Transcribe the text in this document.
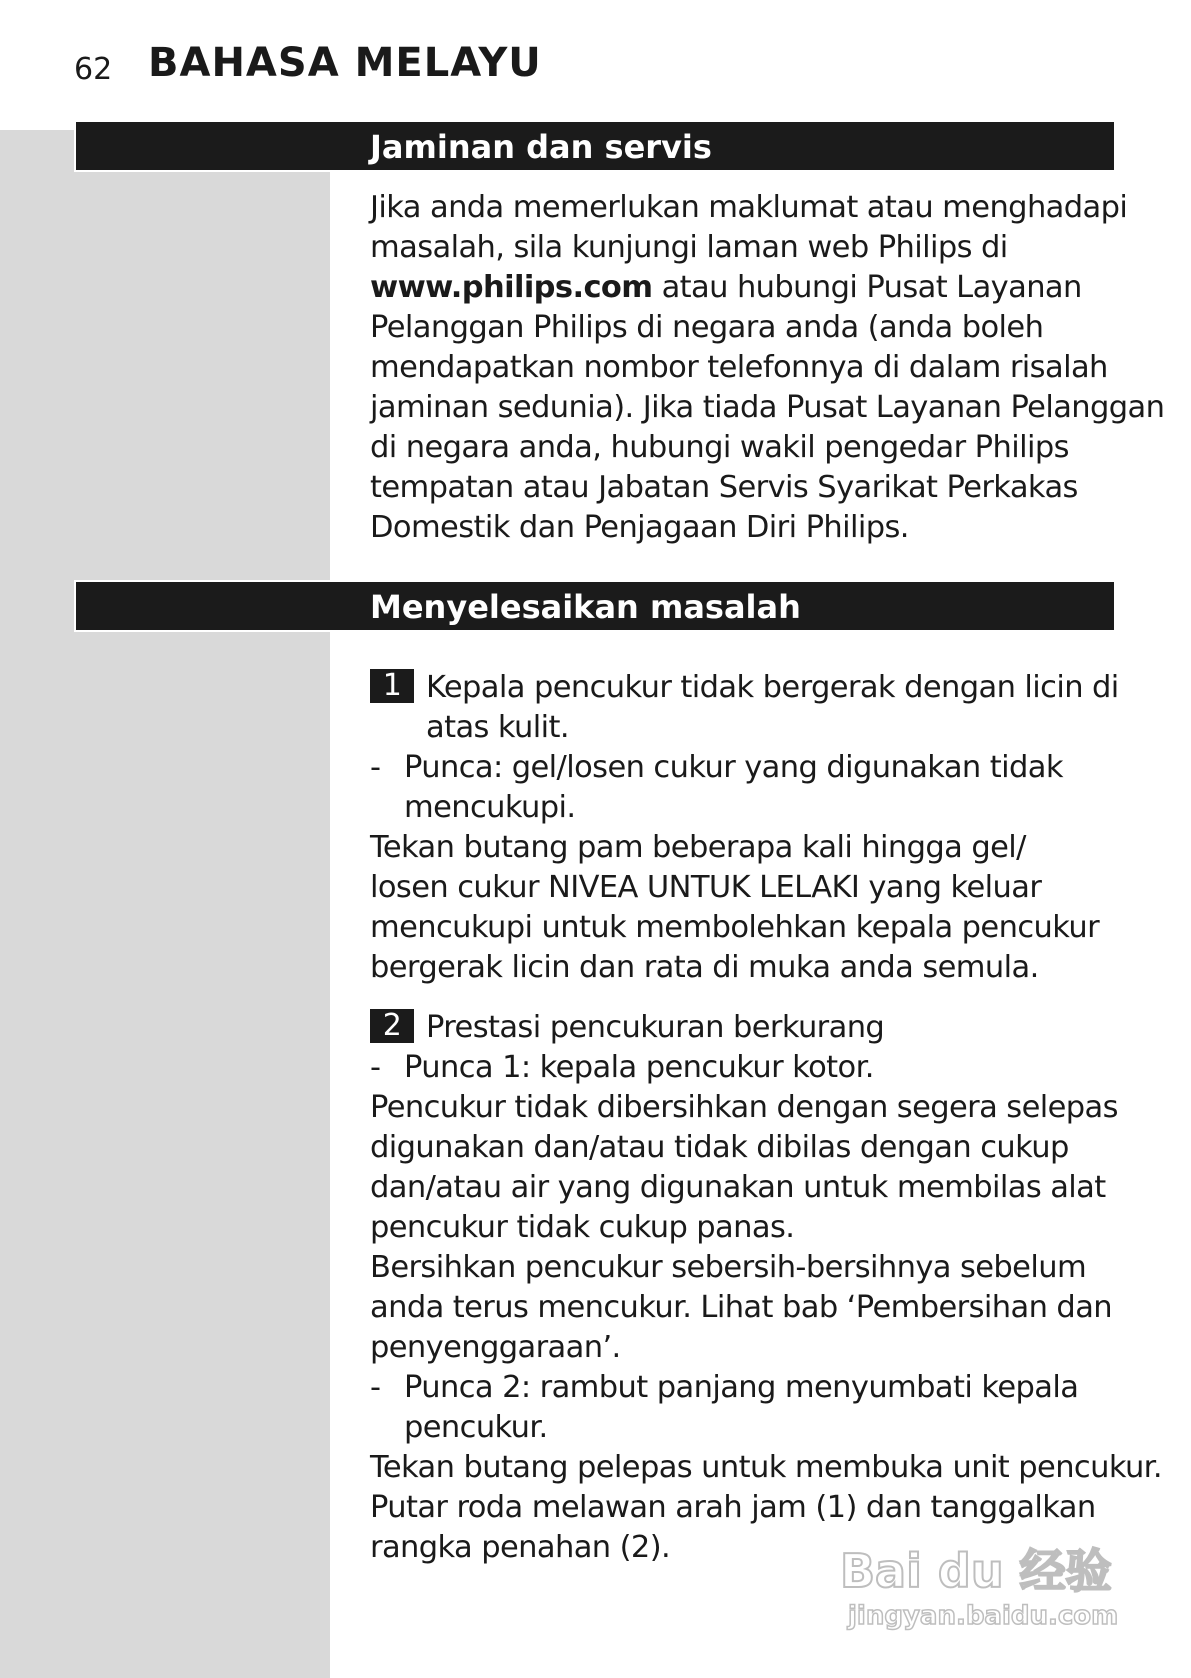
62 BAHASA MELAYU
Jaminan dan servis
Jika anda memerlukan maklumat atau menghadapi
masalah, sila kunjungi laman web Philips di
www.philips.com atau hubungi Pusat Layanan
Pelanggan Philips di negara anda (anda boleh
mendapatkan nombor telefonnya di dalam risalah
jaminan sedunia). Jika tiada Pusat Layanan Pelanggan
di negara anda, hubungi wakil pengedar Philips
tempatan atau Jabatan Servis Syarikat Perkakas
Domestik dan Penjagaan Diri Philips.
Menyelesaikan masalah
1 Kepala pencukur tidak bergerak dengan licin di
atas kulit.
- Punca: gel/losen cukur yang digunakan tidak
mencukupi.
Tekan butang pam beberapa kali hingga gel/
losen cukur NIVEA UNTUK LELAKI yang keluar
mencukupi untuk membolehkan kepala pencukur
bergerak licin dan rata di muka anda semula.
2 Prestasi pencukuran berkurang
- Punca 1: kepala pencukur kotor.
Pencukur tidak dibersihkan dengan segera selepas
digunakan dan/atau tidak dibilas dengan cukup
dan/atau air yang digunakan untuk membilas alat
pencukur tidak cukup panas.
Bersihkan pencukur sebersih-bersihnya sebelum
anda terus mencukur. Lihat bab ‘Pembersihan dan
penyenggaraan’.
- Punca 2: rambut panjang menyumbati kepala
pencukur.
Tekan butang pelepas untuk membuka unit pencukur.
Putar roda melawan arah jam (1) dan tanggalkan
rangka penahan (2).	Bai du 经验
jingyan.baidu.com
